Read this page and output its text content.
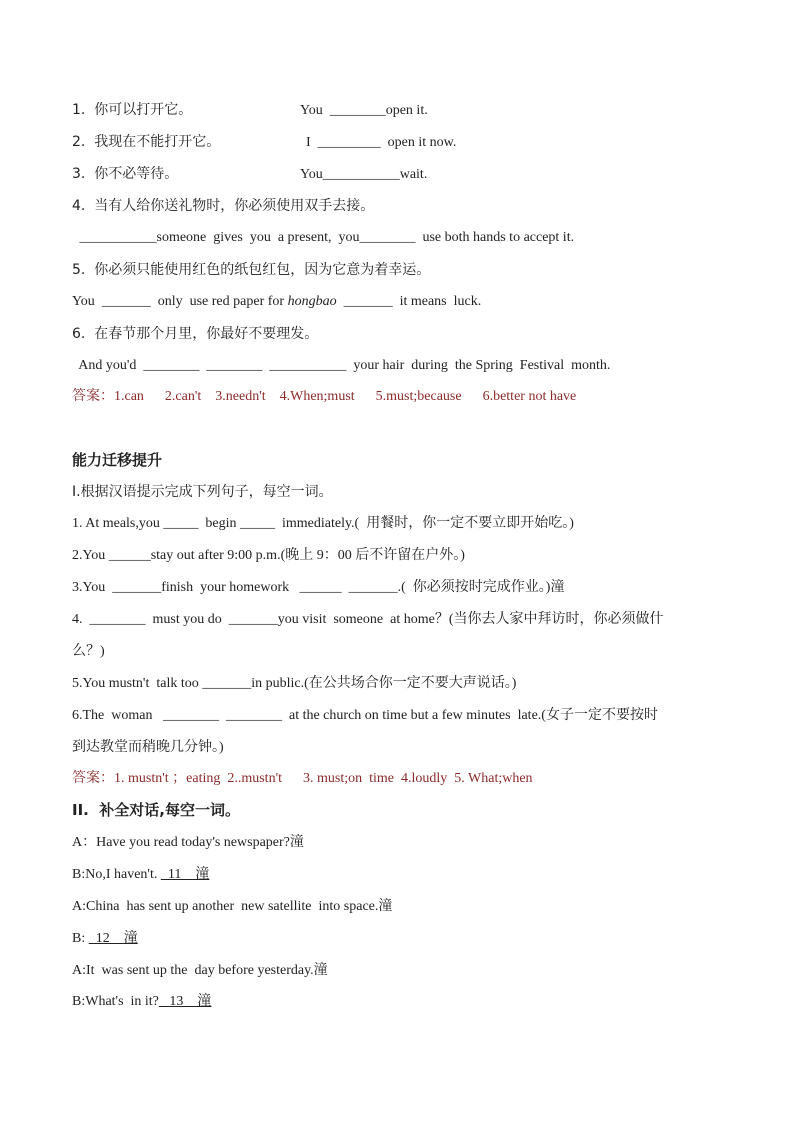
1.  你可以打开它。	You  ________open it.
2.  我现在不能打开它。	I  _________  open it now.
3.  你不必等待。	You___________wait.
4.  当有人给你送礼物时，你必须使用双手去接。
___________someone  gives  you  a present,  you________  use both hands to accept it.
5.  你必须只能使用红色的纸包红包，因为它意为着幸运。
You  _______  only  use red paper for hongbao  _______  it means  luck.
6.  在春节那个月里，你最好不要理发。
And you'd  ________  ________  ___________  your hair  during  the Spring  Festival  month.
答案：1.can      2.can't    3.needn't    4.When;must      5.must;because      6.better not have
能力迁移提升
I.根据汉语提示完成下列句子，每空一词。
1. At meals,you _____  begin _____  immediately.(  用餐时，你一定不要立即开始吃。)
2.You ______stay out after 9:00 p.m.(晚上 9：00 后不许留在户外。)
3.You  _______finish  your homework   ______  _______.(  你必须按时完成作业。)潼
4.  ________  must you do  _______you visit  someone  at home？(当你去人家中拜访时，你必须做什
么？)
5.You mustn't  talk too _______in public.(在公共场合你一定不要大声说话。)
6.The  woman   ________  ________  at the church on time but a few minutes  late.(女子一定不要按时
到达教堂而稍晚几分钟。)
答案：1. mustn't ；eating  2..mustn't      3. must;on  time  4.loudly  5. What;when
II.  补全对话,每空一词。
A：Have you read today's newspaper?潼
B:No,I haven't.   11    潼
A:China  has sent up another  new satellite  into space.潼
B:   12    潼
A:It  was sent up the  day before yesterday.潼
B:What's  in it?   13    潼
